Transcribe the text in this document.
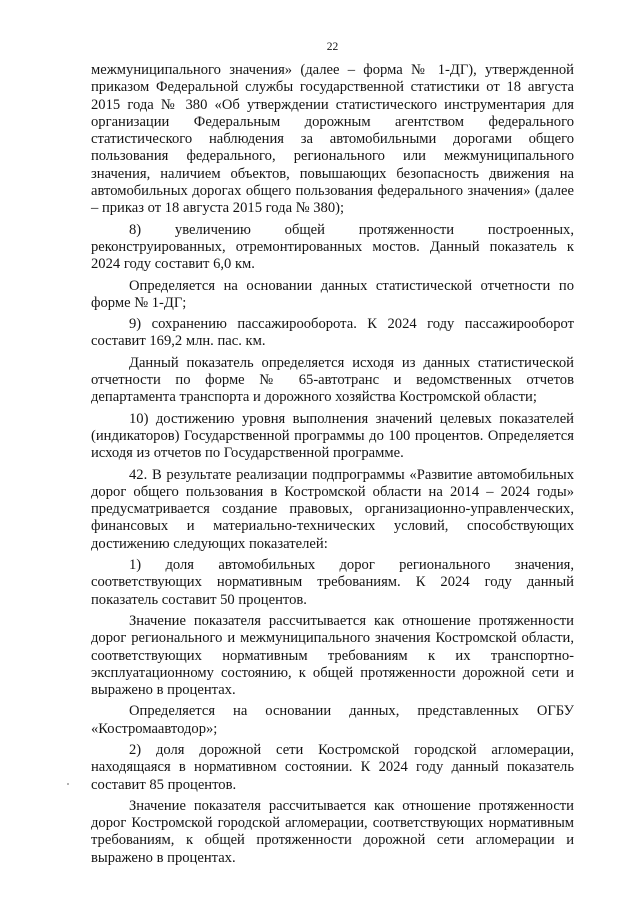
22

межмуниципального значения» (далее – форма № 1-ДГ), утвержденной приказом Федеральной службы государственной статистики от 18 августа 2015 года № 380 «Об утверждении статистического инструментария для организации Федеральным дорожным агентством федерального статистического наблюдения за автомобильными дорогами общего пользования федерального, регионального или межмуниципального значения, наличием объектов, повышающих безопасность движения на автомобильных дорогах общего пользования федерального значения» (далее – приказ от 18 августа 2015 года № 380);

8) увеличению общей протяженности построенных, реконструированных, отремонтированных мостов. Данный показатель к 2024 году составит 6,0 км.

Определяется на основании данных статистической отчетности по форме № 1-ДГ;

9) сохранению пассажирооборота. К 2024 году пассажирооборот составит 169,2 млн. пас. км.

Данный показатель определяется исходя из данных статистической отчетности по форме № 65-автотранс и ведомственных отчетов департамента транспорта и дорожного хозяйства Костромской области;

10) достижению уровня выполнения значений целевых показателей (индикаторов) Государственной программы до 100 процентов. Определяется исходя из отчетов по Государственной программе.

42. В результате реализации подпрограммы «Развитие автомобильных дорог общего пользования в Костромской области на 2014 – 2024 годы» предусматривается создание правовых, организационно-управленческих, финансовых и материально-технических условий, способствующих достижению следующих показателей:

1) доля автомобильных дорог регионального значения, соответствующих нормативным требованиям. К 2024 году данный показатель составит 50 процентов.

Значение показателя рассчитывается как отношение протяженности дорог регионального и межмуниципального значения Костромской области, соответствующих нормативным требованиям к их транспортно-эксплуатационному состоянию, к общей протяженности дорожной сети и выражено в процентах.

Определяется на основании данных, представленных ОГБУ «Костромаавтодор»;

2) доля дорожной сети Костромской городской агломерации, находящаяся в нормативном состоянии. К 2024 году данный показатель составит 85 процентов.

Значение показателя рассчитывается как отношение протяженности дорог Костромской городской агломерации, соответствующих нормативным требованиям, к общей протяженности дорожной сети агломерации и выражено в процентах.
